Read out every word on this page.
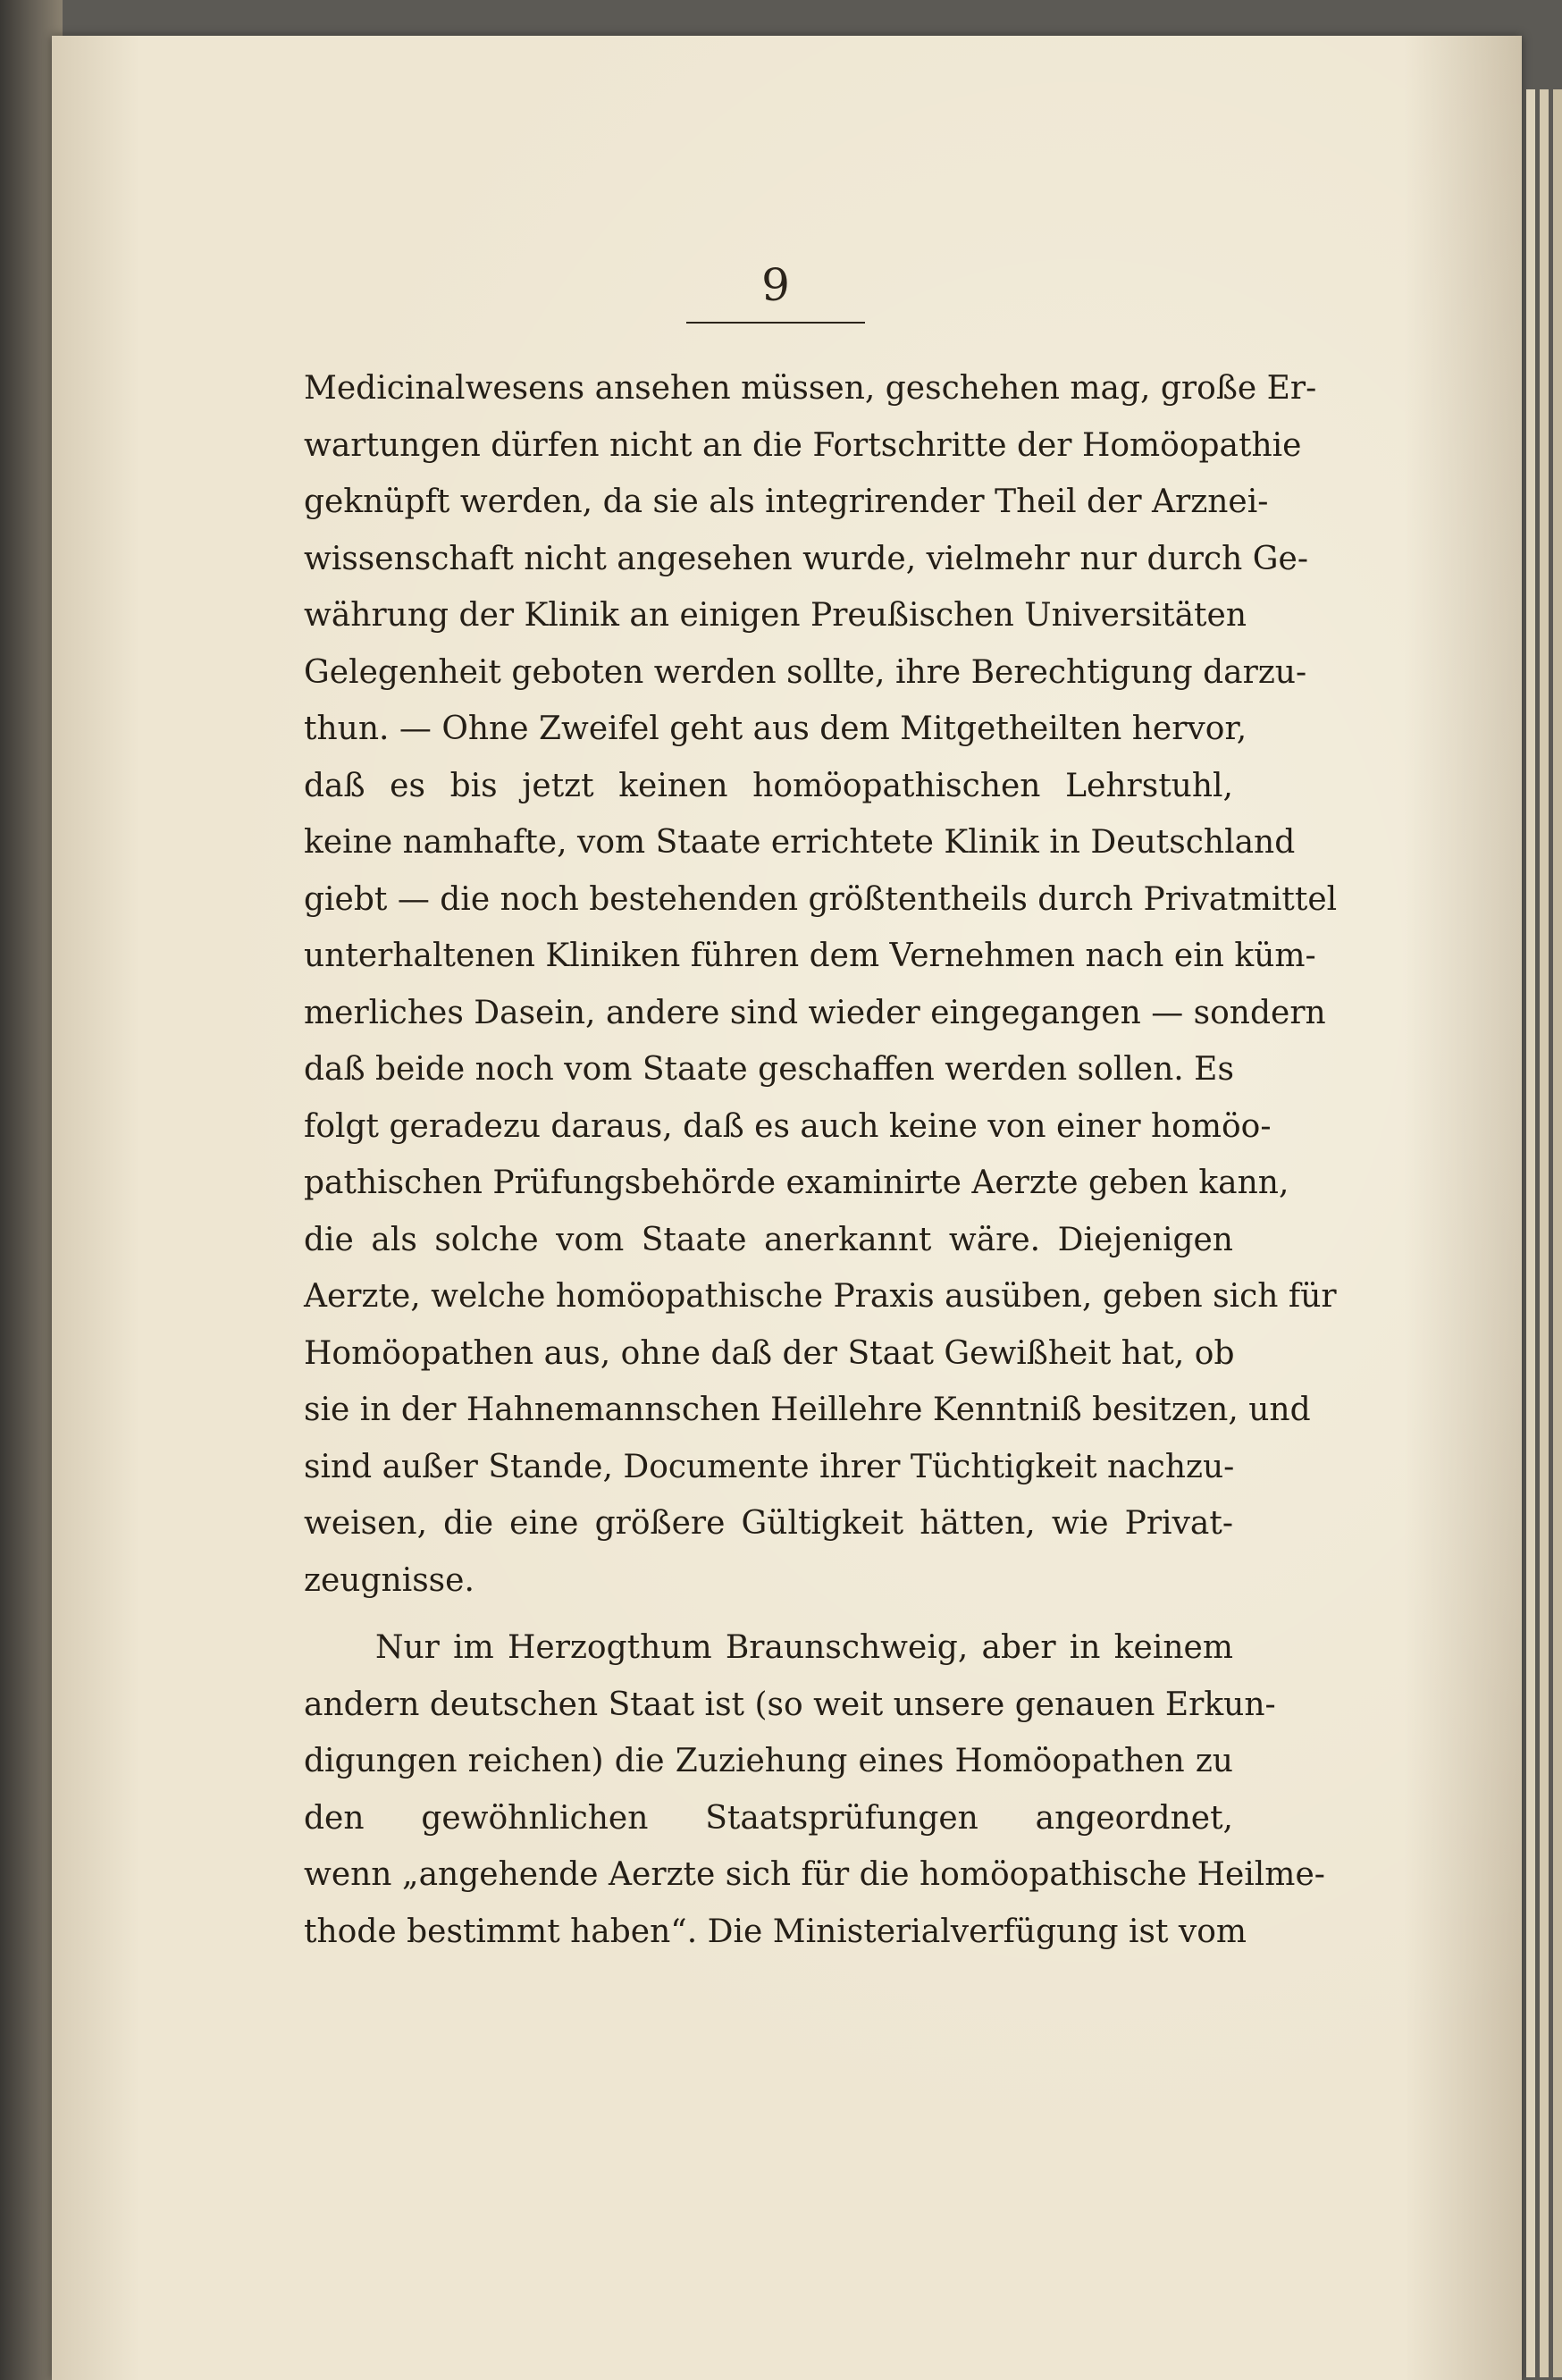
9
Medicinalwesens ansehen müssen, geschehen mag, große Er-
wartungen dürfen nicht an die Fortschritte der Homöopathie
geknüpft werden, da sie als integrirender Theil der Arznei-
wissenschaft nicht angesehen wurde, vielmehr nur durch Ge-
währung der Klinik an einigen Preußischen Universitäten
Gelegenheit geboten werden sollte, ihre Berechtigung darzu-
thun. — Ohne Zweifel geht aus dem Mitgetheilten hervor,
daß es bis jetzt keinen homöopathischen Lehrstuhl,
keine namhafte, vom Staate errichtete Klinik in Deutschland
giebt — die noch bestehenden größtentheils durch Privatmittel
unterhaltenen Kliniken führen dem Vernehmen nach ein küm-
merliches Dasein, andere sind wieder eingegangen — sondern
daß beide noch vom Staate geschaffen werden sollen. Es
folgt geradezu daraus, daß es auch keine von einer homöo-
pathischen Prüfungsbehörde examinirte Aerzte geben kann,
die als solche vom Staate anerkannt wäre. Diejenigen
Aerzte, welche homöopathische Praxis ausüben, geben sich für
Homöopathen aus, ohne daß der Staat Gewißheit hat, ob
sie in der Hahnemannschen Heillehre Kenntniß besitzen, und
sind außer Stande, Documente ihrer Tüchtigkeit nachzu-
weisen, die eine größere Gültigkeit hätten, wie Privat-
zeugnisse.
Nur im Herzogthum Braunschweig, aber in keinem
andern deutschen Staat ist (so weit unsere genauen Erkun-
digungen reichen) die Zuziehung eines Homöopathen zu
den gewöhnlichen Staatsprüfungen angeordnet,
wenn „angehende Aerzte sich für die homöopathische Heilme-
thode bestimmt haben“. Die Ministerialverfügung ist vom
